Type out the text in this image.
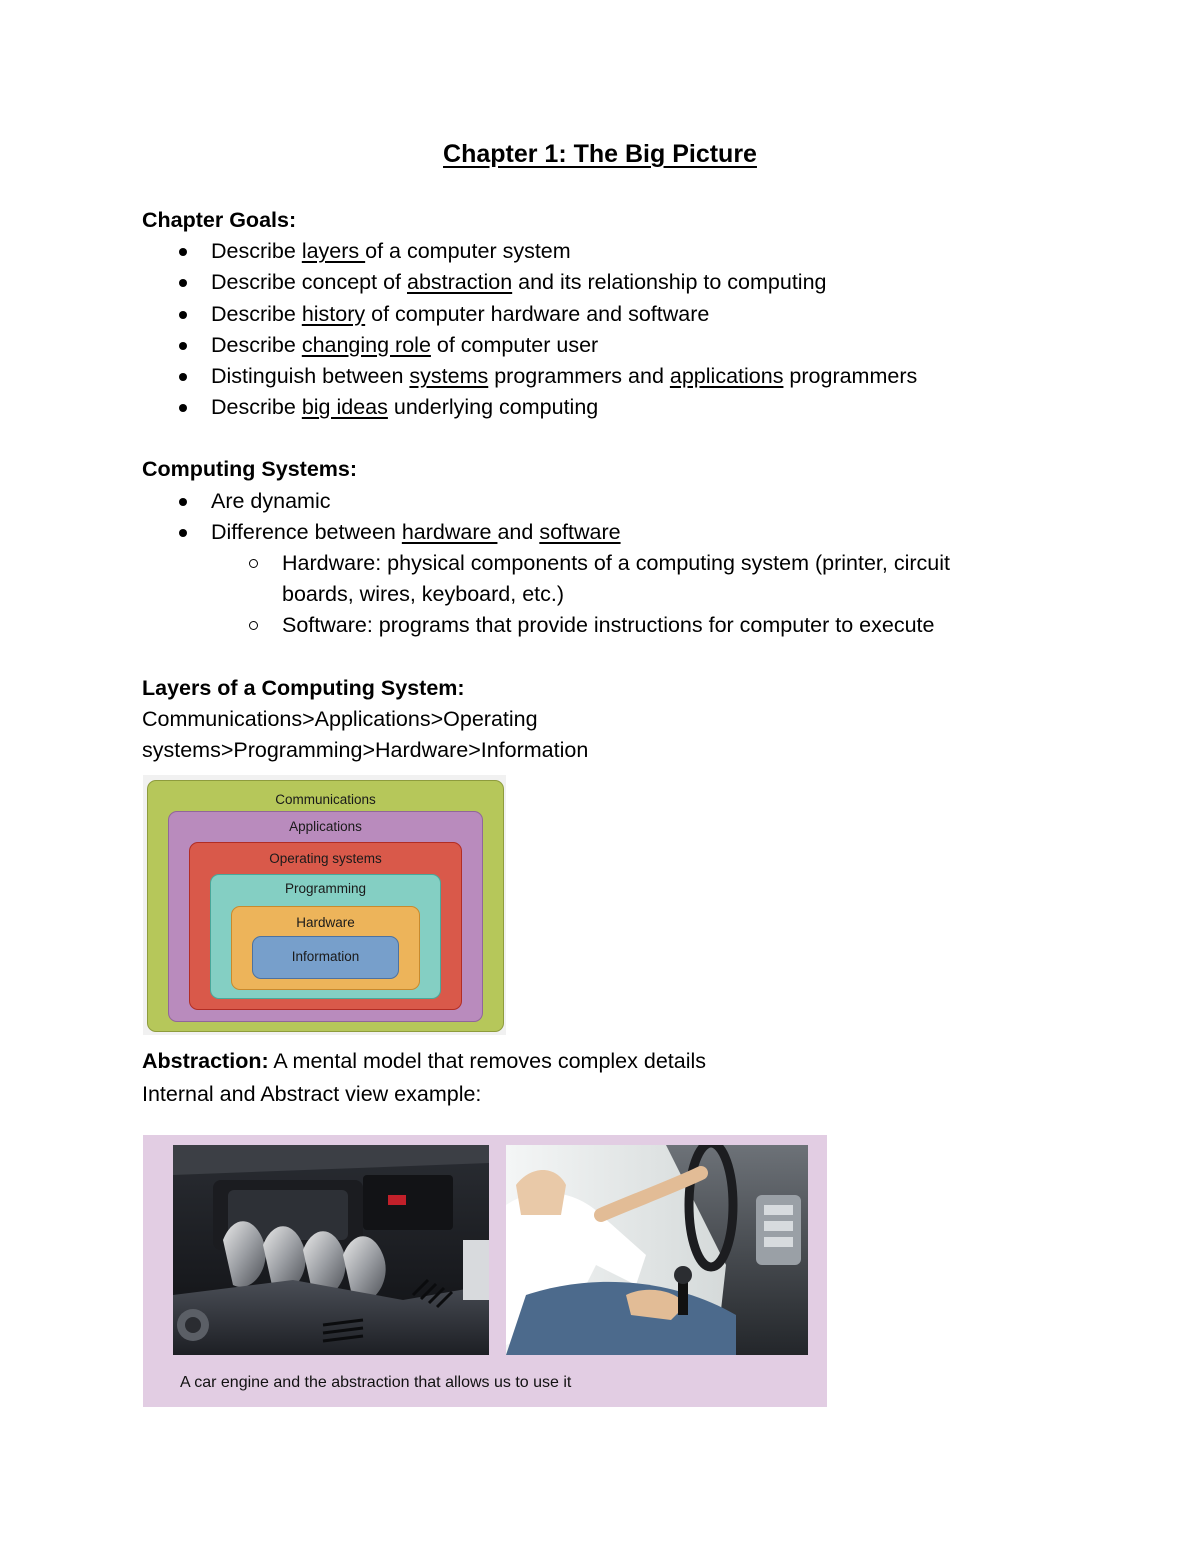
Chapter 1: The Big Picture

Chapter Goals:

Describe layers of a computer system
Describe concept of abstraction and its relationship to computing
Describe history of computer hardware and software
Describe changing role of computer user
Distinguish between systems programmers and applications programmers
Describe big ideas underlying computing

Computing Systems:

Are dynamic
Difference between hardware and software
Hardware: physical components of a computing system (printer, circuit
boards, wires, keyboard, etc.)
Software: programs that provide instructions for computer to execute

Layers of a Computing System:

Communications>Applications>Operating

systems>Programming>Hardware>Information

Communications
Applications
Operating systems
Programming
Hardware
Information

Abstraction: A mental model that removes complex details

Internal and Abstract view example:

A car engine and the abstraction that allows us to use it
